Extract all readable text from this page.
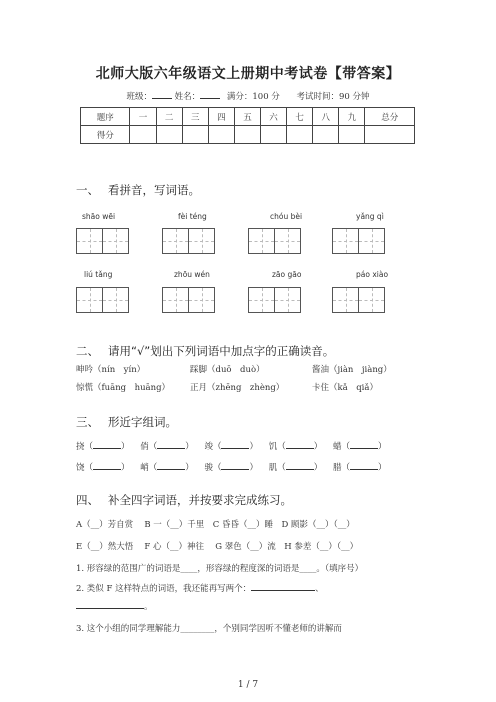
北师大版六年级语文上册期中考试卷【带答案】
班级：	姓名：	满分：100 分 考试时间：90 分钟
题序	一	二	三	四	五	六	七	八	九	总分
得分										
一、 看拼音，写词语。
shāo wēi	fèi téng	chóu bèi	yǎng qì
liú tǎng	zhōu wén	zāo gāo	páo xiào
二、 请用“√”划出下列词语中加点字的正确读音。
呻吟（nín　yín）	踩脚（duō　duò）	酱油（jiàn　jiàng）
惊慌（fuāng　huāng） 正月（zhēng　zhèng）	卡住（kǎ　qiǎ）
三、 形近字组词。
挠（	） 俏（	） 竣（	） 饥（	） 蜡（	）
饶（	） 峭（	） 骏（	） 肌（	） 腊（	）
四、 补全四字词语，并按要求完成练习。
A（__）芳自赏　 B 一（__）千里　C 昏昏（__）睡　D 顾影（__）（__）
E（__）然大悟　 F 心（__）神往　 G 翠色（__）流　H 参差（__）（__）
1. 形容绿的范围广的词语是____，形容绿的程度深的词语是____。（填序号）
2. 类似 F 这样特点的词语，我还能再写两个：	、
。
3. 这个小组的同学理解能力________，个别同学因听不懂老师的讲解而
1 / 7
